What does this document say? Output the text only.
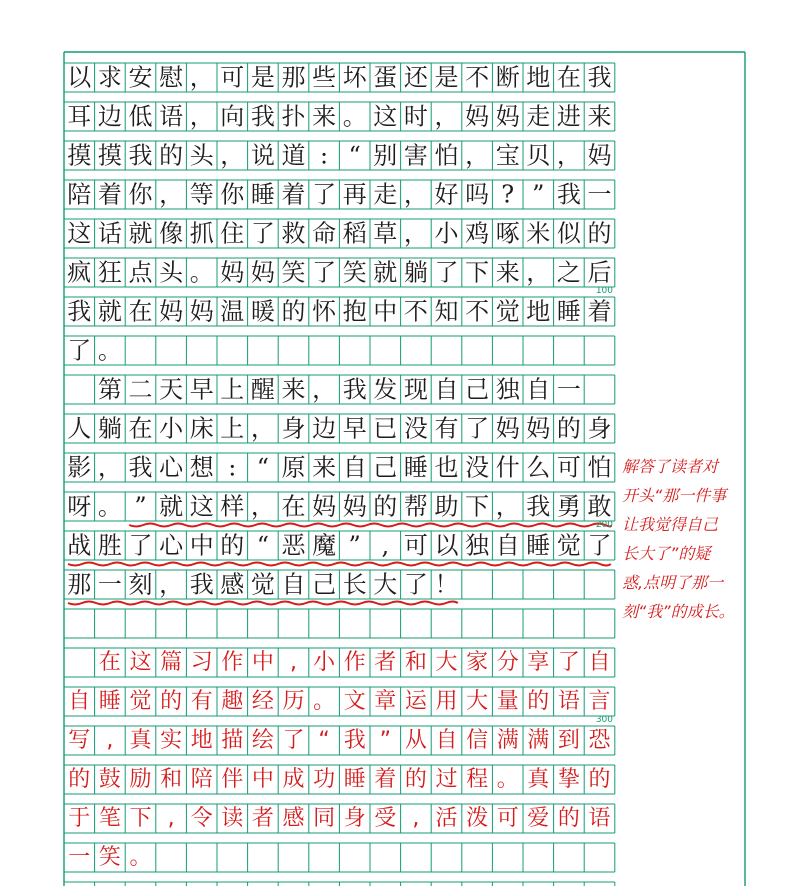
以 求 安 慰 ， 可 是 那 些 坏 蛋 还 是 不 断 地 在 我
耳 边 低 语 ， 向 我 扑 来 。 这 时 ， 妈 妈 走 进 来
摸 摸 我 的 头 ， 说 道 : “ 别 害 怕 ， 宝 贝 ， 妈
陪 着 你 ， 等 你 睡 着 了 再 走 ， 好 吗 ? ” 我 一
这 话 就 像 抓 住 了 救 命 稻 草 ， 小 鸡 啄 米 似 的
疯 狂 点 头 。 妈 妈 笑 了 笑 就 躺 了 下 来 ， 之 后
我 就 在 妈 妈 温 暖 的 怀 抱 中 不 知 不 觉 地 睡 着
了 。
第 二 天 早 上 醒 来 ， 我 发 现 自 己 独 自 一
人 躺 在 小 床 上 ， 身 边 早 已 没 有 了 妈 妈 的 身
影 ， 我 心 想 : “ 原 来 自 己 睡 也 没 什 么 可 怕
呀 。 ” 就 这 样 ， 在 妈 妈 的 帮 助 下 ， 我 勇 敢
战 胜 了 心 中 的 “ 恶 魔 ” , 可 以 独 自 睡 觉 了
那 一 刻 ， 我 感 觉 自 己 长 大 了 ！
在 这 篇 习 作 中 , 小 作 者 和 大 家 分 享 了 自
自 睡 觉 的 有 趣 经 历 。 文 章 运 用 大 量 的 语 言
写 , 真 实 地 描 绘 了 “ 我 ” 从 自 信 满 满 到 恐
的 鼓 励 和 陪 伴 中 成 功 睡 着 的 过 程 。 真 挚 的
于 笔 下 , 令 读 者 感 同 身 受 , 活 泼 可 爱 的 语
一 笑 。
100
200
300
解答了读者对
开头“那一件事
让我觉得自己
长大了”的疑
惑,点明了那一
刻“我”的成长。
